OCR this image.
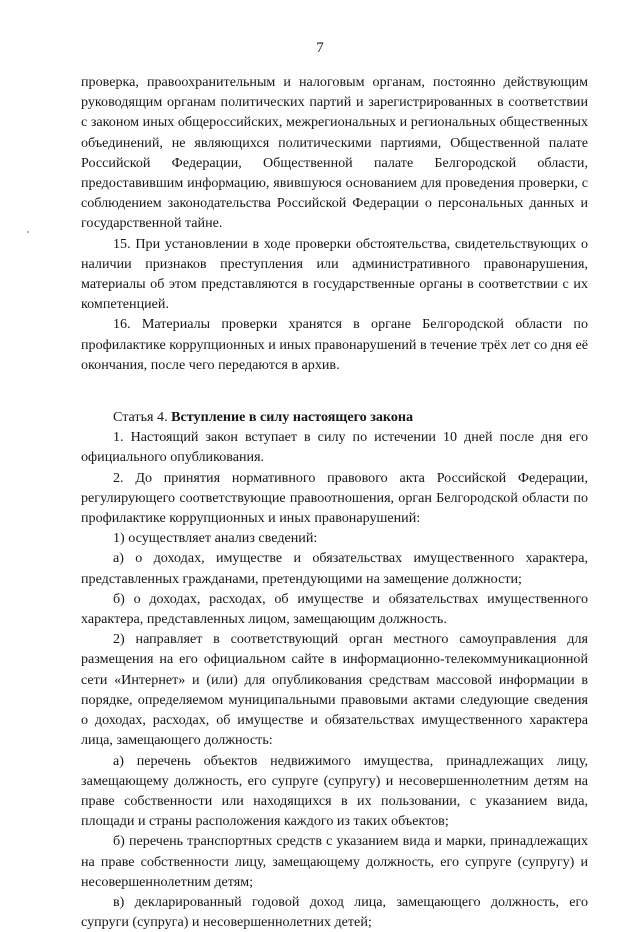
7

проверка, правоохранительным и налоговым органам, постоянно действующим руководящим органам политических партий и зарегистрированных в соответствии с законом иных общероссийских, межрегиональных и региональных общественных объединений, не являющихся политическими партиями, Общественной палате Российской Федерации, Общественной палате Белгородской области, предоставившим информацию, явившуюся основанием для проведения проверки, с соблюдением законодательства Российской Федерации о персональных данных и государственной тайне.

15. При установлении в ходе проверки обстоятельства, свидетельствующих о наличии признаков преступления или административного правонарушения, материалы об этом представляются в государственные органы в соответствии с их компетенцией.

16. Материалы проверки хранятся в органе Белгородской области по профилактике коррупционных и иных правонарушений в течение трёх лет со дня её окончания, после чего передаются в архив.

Статья 4. Вступление в силу настоящего закона

1. Настоящий закон вступает в силу по истечении 10 дней после дня его официального опубликования.

2. До принятия нормативного правового акта Российской Федерации, регулирующего соответствующие правоотношения, орган Белгородской области по профилактике коррупционных и иных правонарушений:

1) осуществляет анализ сведений:

а) о доходах, имуществе и обязательствах имущественного характера, представленных гражданами, претендующими на замещение должности;

б) о доходах, расходах, об имуществе и обязательствах имущественного характера, представленных лицом, замещающим должность.

2) направляет в соответствующий орган местного самоуправления для размещения на его официальном сайте в информационно-телекоммуникационной сети «Интернет» и (или) для опубликования средствам массовой информации в порядке, определяемом муниципальными правовыми актами следующие сведения о доходах, расходах, об имуществе и обязательствах имущественного характера лица, замещающего должность:

а) перечень объектов недвижимого имущества, принадлежащих лицу, замещающему должность, его супруге (супругу) и несовершеннолетним детям на праве собственности или находящихся в их пользовании, с указанием вида, площади и страны расположения каждого из таких объектов;

б) перечень транспортных средств с указанием вида и марки, принадлежащих на праве собственности лицу, замещающему должность, его супруге (супругу) и несовершеннолетним детям;

в) декларированный годовой доход лица, замещающего должность, его супруги (супруга) и несовершеннолетних детей;
